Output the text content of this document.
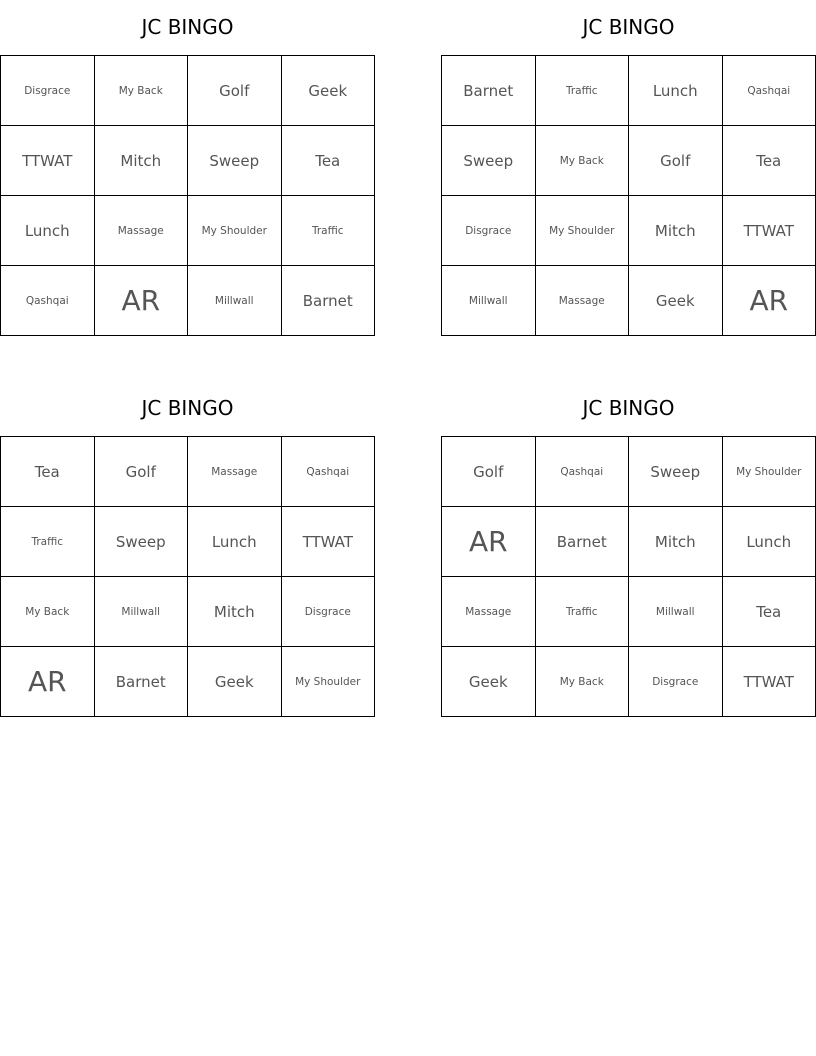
JC BINGO
Disgrace	My Back	Golf	Geek
TTWAT	Mitch	Sweep	Tea
Lunch	Massage	My Shoulder	Traffic
Qashqai	AR	Millwall	Barnet
JC BINGO
Barnet	Traffic	Lunch	Qashqai
Sweep	My Back	Golf	Tea
Disgrace	My Shoulder	Mitch	TTWAT
Millwall	Massage	Geek	AR
JC BINGO
Tea	Golf	Massage	Qashqai
Traffic	Sweep	Lunch	TTWAT
My Back	Millwall	Mitch	Disgrace
AR	Barnet	Geek	My Shoulder
JC BINGO
Golf	Qashqai	Sweep	My Shoulder
AR	Barnet	Mitch	Lunch
Massage	Traffic	Millwall	Tea
Geek	My Back	Disgrace	TTWAT
